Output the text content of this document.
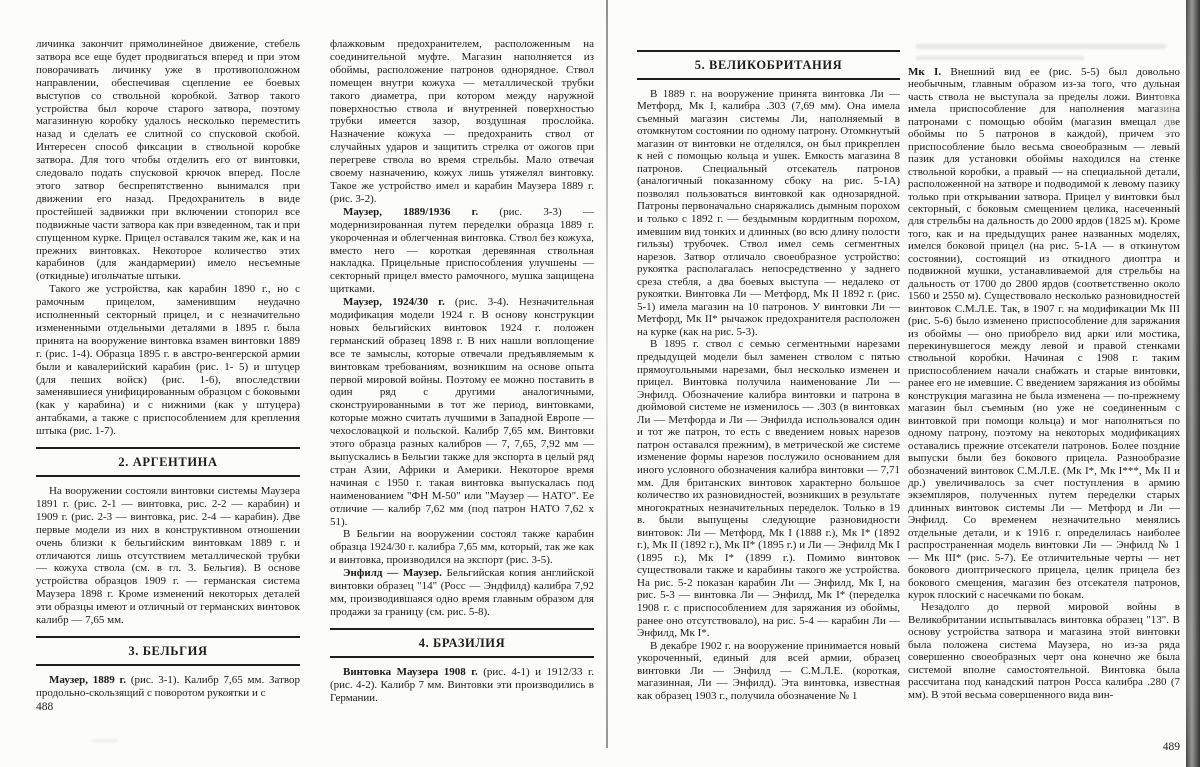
личинка закончит прямолинейное движение, стебель затвора все еще будет продвигаться вперед и при этом поворачивать личинку уже в противоположном направлении, обеспечивая сцепление ее боевых выступов со ствольной коробкой. Затвор такого устройства был короче старого затвора, поэтому магазинную коробку удалось несколько переместить назад и сделать ее слитной со спусковой скобой. Интересен способ фиксации в ствольной коробке затвора. Для того чтобы отделить его от винтовки, следовало подать спусковой крючок вперед. После этого затвор беспрепятственно вынимался при движении его назад. Предохранитель в виде простейшей задвижки при включении стопорил все подвижные части затвора как при взведенном, так и при спущенном курке. Прицел оставался таким же, как и на прежних винтовках. Некоторое количество этих карабинов (для жандармерии) имело несъемные (откидные) игольчатые штыки.

Такого же устройства, как карабин 1890 г., но с рамочным прицелом, заменившим неудачно исполненный секторный прицел, и с незначительно измененными отдельными деталями в 1895 г. была принята на вооружение винтовка взамен винтовки 1889 г. (рис. 1-4). Образца 1895 г. в австро-венгерской армии были и кавалерийский карабин (рис. 1- 5) и штуцер (для пеших войск) (рис. 1-6), впоследствии заменявшиеся унифицированным образцом с боковыми (как у карабина) и с нижними (как у штуцера) антабками, а также с приспособлением для крепления штыка (рис. 1-7).

2. АРГЕНТИНА

На вооружении состояли винтовки системы Маузера 1891 г. (рис. 2-1 — винтовка, рис. 2-2 — карабин) и 1909 г. (рис. 2-3 — винтовка, рис. 2-4 — карабин). Две первые модели из них в конструктивном отношении очень близки к бельгийским винтовкам 1889 г. и отличаются лишь отсутствием металлической трубки — кожуха ствола (см. в гл. 3. Бельгия). В основе устройства образцов 1909 г. — германская система Маузера 1898 г. Кроме изменений некоторых деталей эти образцы имеют и отличный от германских винтовок калибр — 7,65 мм.

3. БЕЛЬГИЯ

Маузер, 1889 г. (рис. 3-1). Калибр 7,65 мм. Затвор продольно-скользящий с поворотом рукоятки и с

флажковым предохранителем, расположенным на соединительной муфте. Магазин наполняется из обоймы, расположение патронов однорядное. Ствол помещен внутри кожуха — металлической трубки такого диаметра, при котором между наружной поверхностью ствола и внутренней поверхностью трубки имеется зазор, воздушная прослойка. Назначение кожуха — предохранить ствол от случайных ударов и защитить стрелка от ожогов при перегреве ствола во время стрельбы. Мало отвечая своему назначению, кожух лишь утяжелял винтовку. Такое же устройство имел и карабин Маузера 1889 г. (рис. 3-2).

Маузер, 1889/1936 г. (рис. 3-3) — модернизированная путем переделки образца 1889 г. укороченная и облегченная винтовка. Ствол без кожуха, вместо него — короткая деревянная ствольная накладка. Прицельные приспособления улучшены — секторный прицел вместо рамочного, мушка защищена щитками.

Маузер, 1924/30 г. (рис. 3-4). Незначительная модификация модели 1924 г. В основу конструкции новых бельгийских винтовок 1924 г. положен германский образец 1898 г. В них нашли воплощение все те замыслы, которые отвечали предъявляемым к винтовкам требованиям, возникшим на основе опыта первой мировой войны. Поэтому ее можно поставить в один ряд с другими аналогичными, сконструированными в тот же период, винтовками, которые можно считать лучшими в Западной Европе — чехословацкой и польской. Калибр 7,65 мм. Винтовки этого образца разных калибров — 7, 7,65, 7,92 мм — выпускались в Бельгии также для экспорта в целый ряд стран Азии, Африки и Америки. Некоторое время начиная с 1950 г. такая винтовка выпускалась под наименованием "ФН М-50" или "Маузер — НАТО". Ее отличие — калибр 7,62 мм (под патрон НАТО 7,62 х 51).

В Бельгии на вооружении состоял также карабин образца 1924/30 г. калибра 7,65 мм, который, так же как и винтовка, производился на экспорт (рис. 3-5).

Энфилд — Маузер. Бельгийская копия английской винтовки образец "14" (Росс — Эндфилд) калибра 7,92 мм, производившаяся одно время главным образом для продажи за границу (см. рис. 5-8).

4. БРАЗИЛИЯ

Винтовка Маузера 1908 г. (рис. 4-1) и 1912/33 г. (рис. 4-2). Калибр 7 мм. Винтовки эти производились в Германии.

488
5. ВЕЛИКОБРИТАНИЯ

В 1889 г. на вооружение принята винтовка Ли — Метфорд, Мк I, калибра .303 (7,69 мм). Она имела съемный магазин системы Ли, наполняемый в отомкнутом состоянии по одному патрону. Отомкнутый магазин от винтовки не отделялся, он был прикреплен к ней с помощью кольца и ушек. Емкость магазина 8 патронов. Специальный отсекатель патронов (аналогичный показанному сбоку на рис. 5-1А) позволял пользоваться винтовкой как однозарядной. Патроны первоначально снаряжались дымным порохом и только с 1892 г. — бездымным кордитным порохом, имевшим вид тонких и длинных (во всю длину полости гильзы) трубочек. Ствол имел семь сегментных нарезов. Затвор отличало своеобразное устройство: рукоятка располагалась непосредственно у заднего среза стебля, а два боевых выступа — недалеко от рукоятки. Винтовка Ли — Метфорд, Мк II 1892 г. (рис. 5-1) имела магазин на 10 патронов. У винтовки Ли — Метфорд, Мк II* рычажок предохранителя расположен на курке (как на рис. 5-3).

В 1895 г. ствол с семью сегментными нарезами предыдущей модели был заменен стволом с пятью прямоугольными нарезами, был несколько изменен и прицел. Винтовка получила наименование Ли — Энфилд. Обозначение калибра винтовки и патрона в дюймовой системе не изменилось — .303 (в винтовках Ли — Метфорда и Ли — Энфилда использовался один и тот же патрон, то есть с введением новых нарезов патрон оставался прежним), в метрической же системе изменение формы нарезов послужило основанием для иного условного обозначения калибра винтовки — 7,71 мм. Для британских винтовок характерно большое количество их разновидностей, возникших в результате многократных незначительных переделок. Только в 19 в. были выпущены следующие разновидности винтовок: Ли — Метфорд, Мк I (1888 г.), Мк I* (1892 г.), Мк II (1892 г.), Мк II* (1895 г.) и Ли — Энфилд Мк I (1895 г.), Мк I* (1899 г.). Помимо винтовок существовали также и карабины такого же устройства. На рис. 5-2 показан карабин Ли — Энфилд, Мк I, на рис. 5-3 — винтовка Ли — Энфилд, Мк I* (переделка 1908 г. с приспособлением для заряжания из обоймы, ранее оно отсутствовало), на рис. 5-4 — карабин Ли — Энфилд, Мк I*.

В декабре 1902 г. на вооружение принимается новый укороченный, единый для всей армии, образец винтовки Ли — Энфилд — С.М.Л.Е. (короткая, магазинная, Ли — Энфилд). Эта винтовка, известная как образец 1903 г., получила обозначение № 1

Мк I. Внешний вид ее (рис. 5-5) был довольно необычным, главным образом из-за того, что дульная часть ствола не выступала за пределы ложи. Винтовка имела приспособление для наполнения магазина патронами с помощью обойм (магазин вмещал две обоймы по 5 патронов в каждой), причем это приспособление было весьма своеобразным — левый пазик для установки обоймы находился на стенке ствольной коробки, а правый — на специальной детали, расположенной на затворе и подводимой к левому пазику только при открывании затвора. Прицел у винтовки был секторный, с боковым смещением целика, насеченный для стрельбы на дальность до 2000 ярдов (1825 м). Кроме того, как и на предыдущих ранее названных моделях, имелся боковой прицел (на рис. 5-1А — в откинутом состоянии), состоящий из откидного диоптра и подвижной мушки, устанавливаемой для стрельбы на дальность от 1700 до 2800 ярдов (соответственно около 1560 и 2550 м). Существовало несколько разновидностей винтовок С.М.Л.Е. Так, в 1907 г. на модификации Мк III (рис. 5-6) было изменено приспособление для заряжания из обоймы — оно приобрело вид арки или мостика, перекинувшегося между левой и правой стенками ствольной коробки. Начиная с 1908 г. таким приспособлением начали снабжать и старые винтовки, ранее его не имевшие. С введением заряжания из обоймы конструкция магазина не была изменена — по-прежнему магазин был съемным (но уже не соединенным с винтовкой при помощи кольца) и мог наполняться по одному патрону, поэтому на некоторых модификациях оставались прежние отсекатели патронов. Более поздние выпуски были без бокового прицела. Разнообразие обозначений винтовок С.М.Л.Е. (Мк I*, Мк I***, Мк II и др.) увеличивалось за счет поступления в армию экземпляров, полученных путем переделки старых длинных винтовок системы Ли — Метфорд и Ли — Энфилд. Со временем незначительно менялись отдельные детали, и к 1916 г. определилась наиболее распространенная модель винтовки Ли — Энфилд № 1 — Мк III* (рис. 5-7). Ее отличительные черты — нет бокового диоптрического прицела, целик прицела без бокового смещения, магазин без отсекателя патронов, курок плоский с насечками по бокам.

Незадолго до первой мировой войны в Великобритании испытывалась винтовка образец "13". В основу устройства затвора и магазина этой винтовки была положена система Маузера, но из-за ряда совершенно своеобразных черт она конечно же была системой вполне самостоятельной. Винтовка была рассчитана под канадский патрон Росса калибра .280 (7 мм). В этой весьма совершенного вида вин-

489
